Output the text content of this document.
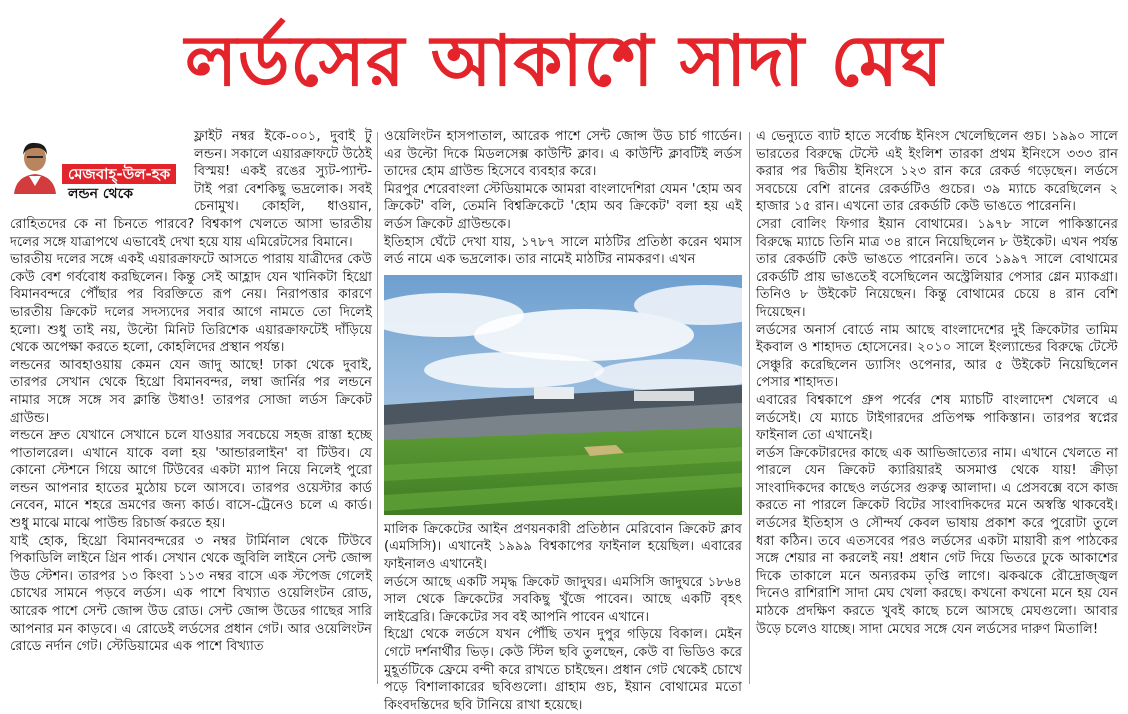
লর্ডসের আকাশে সাদা মেঘ
মেজবাহ্-উল-হক
লন্ডন থেকে

ফ্লাইট নম্বর ইকে-০০১, দুবাই টু লন্ডন। সকালে এয়ারক্রাফটে উঠেই বিস্ময়! একই রঙের স্যুট-প্যান্ট-টাই পরা বেশকিছু ভদ্রলোক। সবই চেনামুখ। কোহলি, ধাওয়ান, রোহিতদের কে না চিনতে পারবে? বিশ্বকাপ খেলতে আসা ভারতীয় দলের সঙ্গে যাত্রাপথে এভাবেই দেখা হয়ে যায় এমিরেটসের বিমানে।

ভারতীয় দলের সঙ্গে একই এয়ারক্রাফটে আসতে পারায় যাত্রীদের কেউ কেউ বেশ গর্ববোধ করছিলেন। কিন্তু সেই আহ্লাদ যেন খানিকটা হিথ্রো বিমানবন্দরে পৌঁছার পর বিরক্তিতে রূপ নেয়। নিরাপত্তার কারণে ভারতীয় ক্রিকেট দলের সদস্যদের সবার আগে নামতে তো দিলেই হলো। শুধু তাই নয়, উল্টো মিনিট তিরিশেক এয়ারক্রাফটেই দাঁড়িয়ে থেকে অপেক্ষা করতে হলো, কোহলিদের প্রস্থান পর্যন্ত।

লন্ডনের আবহাওয়ায় কেমন যেন জাদু আছে! ঢাকা থেকে দুবাই, তারপর সেখান থেকে হিথ্রো বিমানবন্দর, লম্বা জার্নির পর লন্ডনে নামার সঙ্গে সঙ্গে সব ক্লান্তি উধাও! তারপর সোজা লর্ডস ক্রিকেট গ্রাউন্ড।

লন্ডনে দ্রুত যেখানে সেখানে চলে যাওয়ার সবচেয়ে সহজ রাস্তা হচ্ছে পাতালরেল। এখানে যাকে বলা হয় 'আন্ডারলাইন' বা টিউব। যে কোনো স্টেশনে গিয়ে আগে টিউবের একটা ম্যাপ নিয়ে নিলেই পুরো লন্ডন আপনার হাতের মুঠোয় চলে আসবে। তারপর ওয়েস্টার কার্ড নেবেন, মানে শহরে ভ্রমণের জন্য কার্ড। বাসে-ট্রেনেও চলে এ কার্ড। শুধু মাঝে মাঝে পাউন্ড রিচার্জ করতে হয়।

যাই হোক, হিথ্রো বিমানবন্দরের ৩ নম্বর টার্মিনাল থেকে টিউবে পিকাডিলি লাইনে গ্রিন পার্ক। সেখান থেকে জুবিলি লাইনে সেন্ট জোন্স উড স্টেশন। তারপর ১৩ কিংবা ১১৩ নম্বর বাসে এক স্টপেজ গেলেই চোখের সামনে পড়বে লর্ডস। এক পাশে বিখ্যাত ওয়েলিংটন রোড, আরেক পাশে সেন্ট জোন্স উড রোড। সেন্ট জোন্স উডের গাছের সারি আপনার মন কাড়বে। এ রোডেই লর্ডসের প্রধান গেট। আর ওয়েলিংটন রোডে নর্দান গেট। স্টেডিয়ামের এক পাশে বিখ্যাত

ওয়েলিংটন হাসপাতাল, আরেক পাশে সেন্ট জোন্স উড চার্চ গার্ডেন। এর উল্টো দিকে মিডলসেক্স কাউন্টি ক্লাব। এ কাউন্টি ক্লাবটিই লর্ডস তাদের হোম গ্রাউন্ড হিসেবে ব্যবহার করে।

মিরপুর শেরেবাংলা স্টেডিয়ামকে আমরা বাংলাদেশিরা যেমন 'হোম অব ক্রিকেট' বলি, তেমনি বিশ্বক্রিকেটে 'হোম অব ক্রিকেট' বলা হয় এই লর্ডস ক্রিকেট গ্রাউন্ডকে।

ইতিহাস ঘেঁটে দেখা যায়, ১৭৮৭ সালে মাঠটির প্রতিষ্ঠা করেন থমাস লর্ড নামে এক ভদ্রলোক। তার নামেই মাঠটির নামকরণ। এখন

মালিক ক্রিকেটের আইন প্রণয়নকারী প্রতিষ্ঠান মেরিবোন ক্রিকেট ক্লাব (এমসিসি)। এখানেই ১৯৯৯ বিশ্বকাপের ফাইনাল হয়েছিল। এবারের ফাইনালও এখানেই।

লর্ডসে আছে একটি সমৃদ্ধ ক্রিকেট জাদুঘর। এমসিসি জাদুঘরে ১৮৬৪ সাল থেকে ক্রিকেটের সবকিছু খুঁজে পাবেন। আছে একটি বৃহৎ লাইব্রেরি। ক্রিকেটের সব বই আপনি পাবেন এখানে।

হিথ্রো থেকে লর্ডসে যখন পৌঁছি তখন দুপুর গড়িয়ে বিকাল। মেইন গেটে দর্শনার্থীর ভিড়। কেউ স্টিল ছবি তুলছেন, কেউ বা ভিডিও করে মুহূর্তটিকে ফ্রেমে বন্দী করে রাখতে চাইছেন। প্রধান গেট থেকেই চোখে পড়ে বিশালাকারের ছবিগুলো। গ্রাহাম গুচ, ইয়ান বোথামের মতো কিংবদন্তিদের ছবি টানিয়ে রাখা হয়েছে।

এ ভেন্যুতে ব্যাট হাতে সর্বোচ্চ ইনিংস খেলেছিলেন গুচ। ১৯৯০ সালে ভারতের বিরুদ্ধে টেস্টে এই ইংলিশ তারকা প্রথম ইনিংসে ৩৩৩ রান করার পর দ্বিতীয় ইনিংসে ১২৩ রান করে রেকর্ড গড়েছেন। লর্ডসে সবচেয়ে বেশি রানের রেকর্ডটিও গুচের। ৩৯ ম্যাচে করেছিলেন ২ হাজার ১৫ রান। এখনো তার রেকর্ডটি কেউ ভাঙতে পারেননি।

সেরা বোলিং ফিগার ইয়ান বোথামের। ১৯৭৮ সালে পাকিস্তানের বিরুদ্ধে ম্যাচে তিনি মাত্র ৩৪ রানে নিয়েছিলেন ৮ উইকেট। এখন পর্যন্ত তার রেকর্ডটি কেউ ভাঙতে পারেননি। তবে ১৯৯৭ সালে বোথামের রেকর্ডটি প্রায় ভাঙতেই বসেছিলেন অস্ট্রেলিয়ার পেসার গ্লেন ম্যাকগ্রা। তিনিও ৮ উইকেট নিয়েছেন। কিন্তু বোথামের চেয়ে ৪ রান বেশি দিয়েছেন।

লর্ডসের অনার্স বোর্ডে নাম আছে বাংলাদেশের দুই ক্রিকেটার তামিম ইকবাল ও শাহাদত হোসেনের। ২০১০ সালে ইংল্যান্ডের বিরুদ্ধে টেস্টে সেঞ্চুরি করেছিলেন ড্যাসিং ওপেনার, আর ৫ উইকেট নিয়েছিলেন পেসার শাহাদত।

এবারের বিশ্বকাপে গ্রুপ পর্বের শেষ ম্যাচটি বাংলাদেশ খেলবে এ লর্ডসেই। যে ম্যাচে টাইগারদের প্রতিপক্ষ পাকিস্তান। তারপর স্বপ্নের ফাইনাল তো এখানেই।

লর্ডস ক্রিকেটারদের কাছে এক আভিজাত্যের নাম। এখানে খেলতে না পারলে যেন ক্রিকেট ক্যারিয়ারই অসমাপ্ত থেকে যায়! ক্রীড়া সাংবাদিকদের কাছেও লর্ডসের গুরুত্ব আলাদা। এ প্রেসবক্সে বসে কাজ করতে না পারলে ক্রিকেট বিটের সাংবাদিকদের মনে অস্বস্তি থাকবেই। লর্ডসের ইতিহাস ও সৌন্দর্য কেবল ভাষায় প্রকাশ করে পুরোটা তুলে ধরা কঠিন। তবে এতসবের পরও লর্ডসের একটা মায়াবী রূপ পাঠকের সঙ্গে শেয়ার না করলেই নয়! প্রধান গেট দিয়ে ভিতরে ঢুকে আকাশের দিকে তাকালে মনে অন্যরকম তৃপ্তি লাগে। ঝকঝকে রৌদ্রোজ্জ্বল দিনেও রাশিরাশি সাদা মেঘ খেলা করছে। কখনো কখনো মনে হয় যেন মাঠকে প্রদক্ষিণ করতে খুবই কাছে চলে আসছে মেঘগুলো। আবার উড়ে চলেও যাচ্ছে। সাদা মেঘের সঙ্গে যেন লর্ডসের দারুণ মিতালি!
